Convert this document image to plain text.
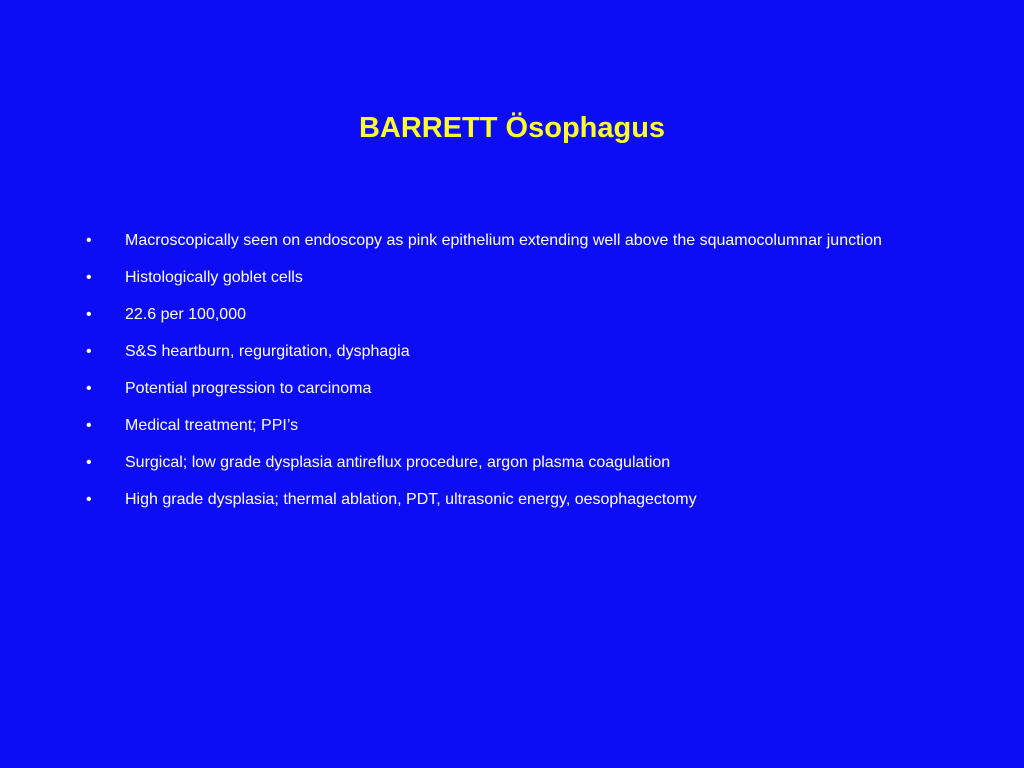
BARRETT Ösophagus
• Macroscopically seen on endoscopy as pink epithelium extending well above the squamocolumnar junction
• Histologically goblet cells
• 22.6 per 100,000
• S&S heartburn, regurgitation, dysphagia
• Potential progression to carcinoma
• Medical treatment; PPI’s
• Surgical; low grade dysplasia antireflux procedure, argon plasma coagulation
• High grade dysplasia; thermal ablation, PDT, ultrasonic energy, oesophagectomy
